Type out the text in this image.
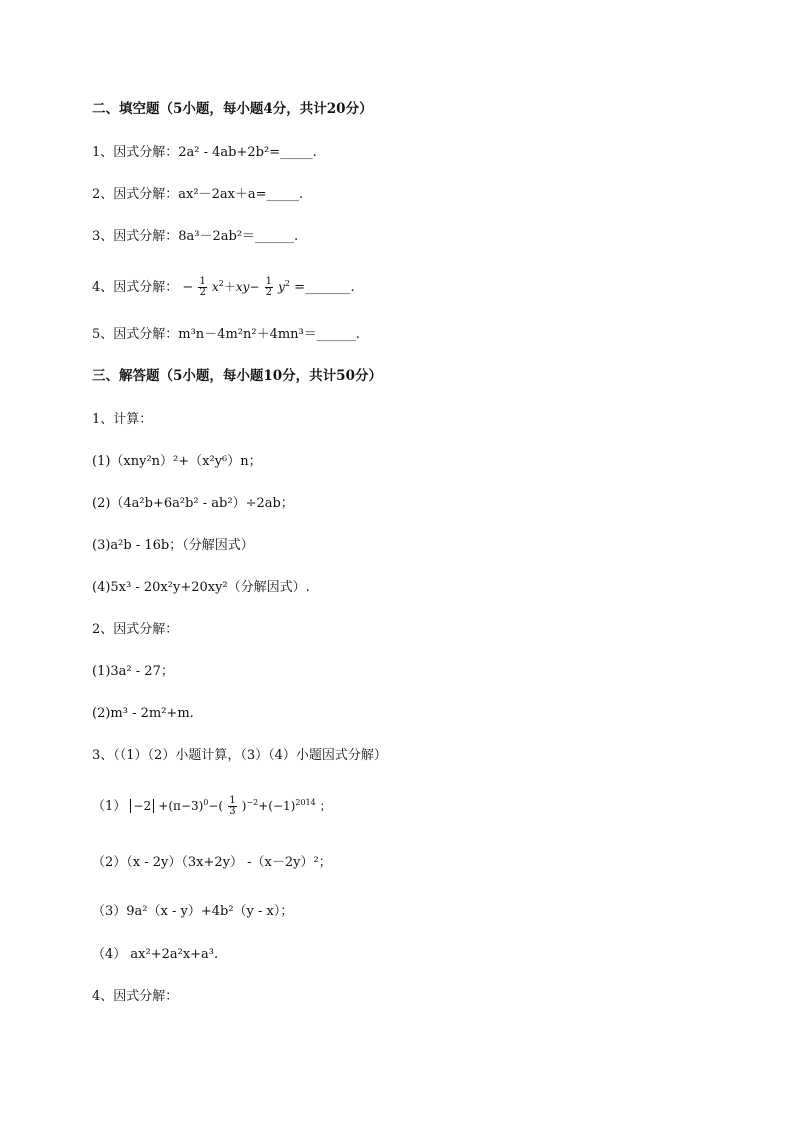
二、填空题（5小题，每小题4分，共计20分）
1、因式分解：2a² - 4ab+2b²=_____.
2、因式分解：ax²－2ax＋a=_____.
3、因式分解：8a³－2ab²＝______.
4、因式分解： − $\frac{1}{2} x^2+xy- \frac{1}{2} y^2$ =_______.
5、因式分解：m³n－4m²n²＋4mn³＝______.
三、解答题（5小题，每小题10分，共计50分）
1、计算：
(1)（xny²n）²+（x²y⁶）n；
(2)（4a²b+6a²b² - ab²）÷2ab；
(3)a²b - 16b；（分解因式）
(4)5x³ - 20x²y+20xy²（分解因式）.
2、因式分解：
(1)3a² - 27；
(2)m³ - 2m²+m.
3、（（1）（2）小题计算，（3）（4）小题因式分解）
$(1) -2 +(\pi-3)^0-( \frac{1}{3} )^{-2}+(-1)^{2014}$ ；
（2）（x - 2y）（3x+2y） -（x－2y）²；
（3）9a²（x - y）+4b²（y - x）；
（4） ax²+2a²x+a³.
4、因式分解：
